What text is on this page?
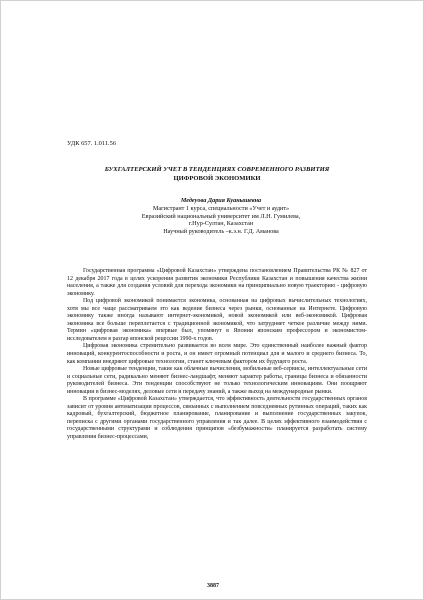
УДК 657. 1.011.56
БУХГАЛТЕРСКИЙ УЧЕТ В ТЕНДЕНЦИЯХ СОВРЕМЕННОГО РАЗВИТИЯ
ЦИФРОВОЙ ЭКОНОМИКИ
Медеуова Дария Куанышевна
Магистрант 1 курса, специальности «Учет и аудит»
Евразийский национальный университет им Л.Н. Гумилева,
г.Нур-Султан, Казахстан
Научный руководитель –к.э.н. Г.Д. Аманова

Государственная программа «Цифровой Казахстан» утверждена постановлением Правительства РК № 827 от 12 декабря 2017 года в целях ускорения развития экономики Республики Казахстан и повышения качества жизни населения, а также для создания условий для перехода экономики на принципиально новую траекторию - цифровую экономику.

Под цифровой экономикой понимается экономика, основанная на цифровых вычислительных технологиях, хотя мы все чаще рассматриваем это как ведение бизнеса через рынки, основанные на Интернете. Цифровую экономику также иногда называют интернет-экономикой, новой экономикой или веб-экономикой. Цифровая экономика все больше переплетается с традиционной экономикой, что затрудняет четкое различие между ними. Термин «цифровая экономика» впервые был, упомянут в Японии японским профессором и экономистом-исследователем в разгар японской рецессии 1990-х годов.

Цифровая экономика стремительно развивается во всем мире. Это единственный наиболее важный фактор инноваций, конкурентоспособности и роста, и он имеет огромный потенциал для и малого и среднего бизнеса. То, как компании внедряют цифровые технологии, станет ключевым фактором их будущего роста.

Новые цифровые тенденции, такие как облачные вычисления, мобильные веб-сервисы, интеллектуальные сети и социальные сети, радикально меняют бизнес-ландшафт, меняют характер работы, границы бизнеса и обязанности руководителей бизнеса. Эти тенденции способствуют не только технологическим инновациям. Они поощряют инновации в бизнес-моделях, деловые сети и передачу знаний, а также выход на международные рынки.

В программе «Цифровой Казахстан» утверждается, что эффективность деятельности государственных органов зависит от уровня автоматизации процессов, связанных с выполнением повседневных рутинных операций, таких как кадровый, бухгалтерский, бюджетное планирование, планирование и выполнение государственных закупок, переписка с другими органами государственного управления и так далее. В целях эффективного взаимодействия с государственными структурами и соблюдения принципов «безбумажности» планируется разработать систему управления бизнес-процессами,

3887
